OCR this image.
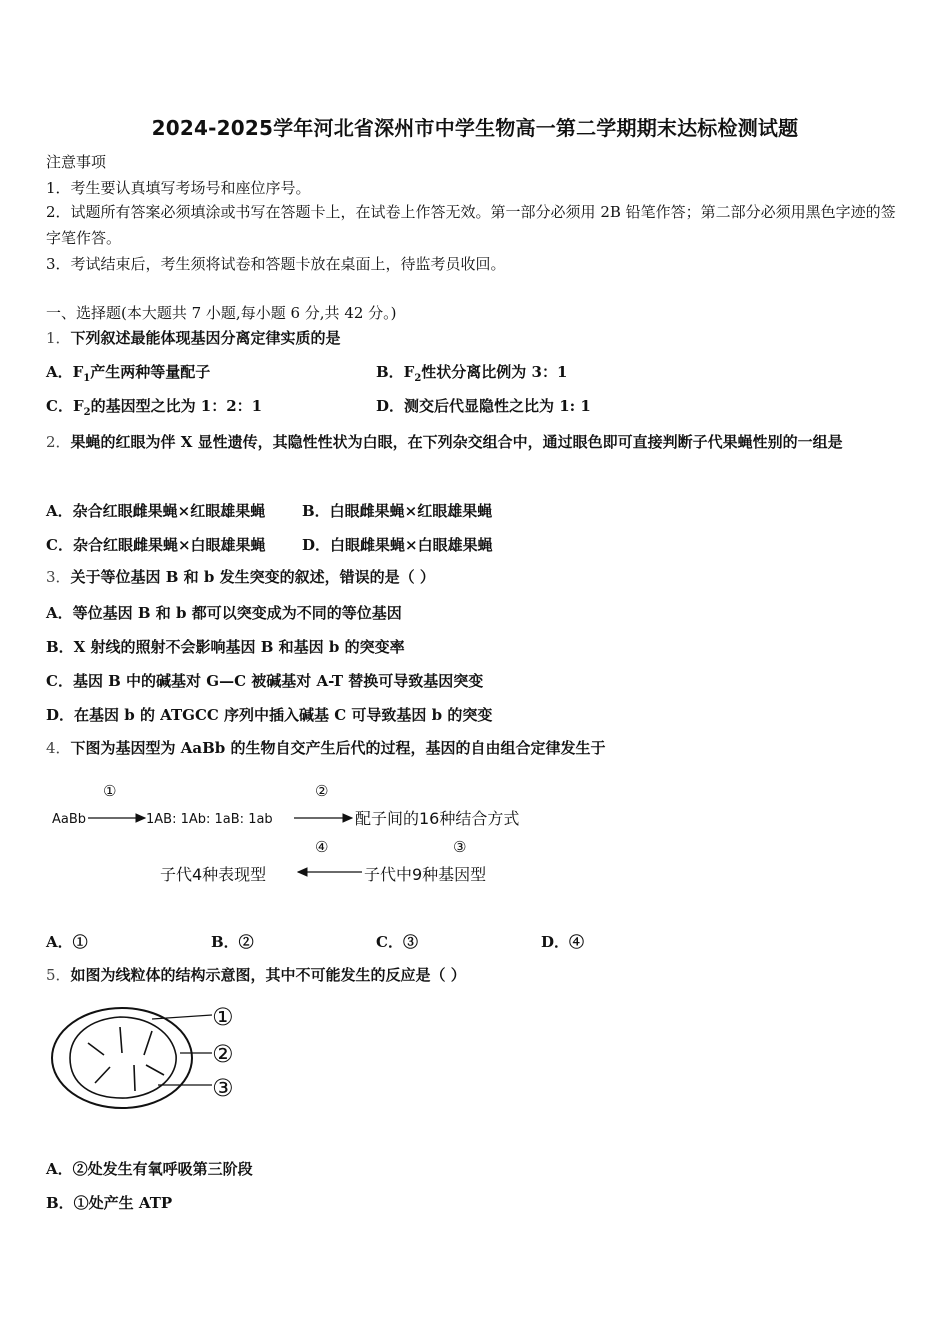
2024-2025学年河北省深州市中学生物高一第二学期期末达标检测试题
注意事项
1．考生要认真填写考场号和座位序号。
2．试题所有答案必须填涂或书写在答题卡上，在试卷上作答无效。第一部分必须用 2B 铅笔作答；第二部分必须用黑色字迹的签字笔作答。
3．考试结束后，考生须将试卷和答题卡放在桌面上，待监考员收回。
一、选择题(本大题共 7 小题,每小题 6 分,共 42 分。)
1．下列叙述最能体现基因分离定律实质的是
A．$F_1$产生两种等量配子	B．$F_2$性状分离比例为 3：1
C．$F_2$的基因型之比为 1：2：1	D．测交后代显隐性之比为 1: 1
2．果蝇的红眼为伴 X 显性遗传，其隐性性状为白眼，在下列杂交组合中，通过眼色即可直接判断子代果蝇性别的一组是
A．杂合红眼雌果蝇×红眼雄果蝇 B．白眼雌果蝇×红眼雄果蝇
C．杂合红眼雌果蝇×白眼雄果蝇 D．白眼雌果蝇×白眼雄果蝇
3．关于等位基因 B 和 b 发生突变的叙述，错误的是（ ）
A．等位基因 B 和 b 都可以突变成为不同的等位基因
B．X 射线的照射不会影响基因 B 和基因 b 的突变率
C．基因 B 中的碱基对 G—C 被碱基对 A-T 替换可导致基因突变
D．在基因 b 的 ATGCC 序列中插入碱基 C 可导致基因 b 的突变
4．下图为基因型为 AaBb 的生物自交产生后代的过程，基因的自由组合定律发生于
①	②
AaBb	1AB: 1Ab: 1aB: 1ab	配子间的16种结合方式
④	③
子代4种表现型	子代中9种基因型
A．①	B．②	C．③	D．④
5．如图为线粒体的结构示意图，其中不可能发生的反应是（ ）
①
②
③
A．②处发生有氧呼吸第三阶段
B．①处产生 ATP
